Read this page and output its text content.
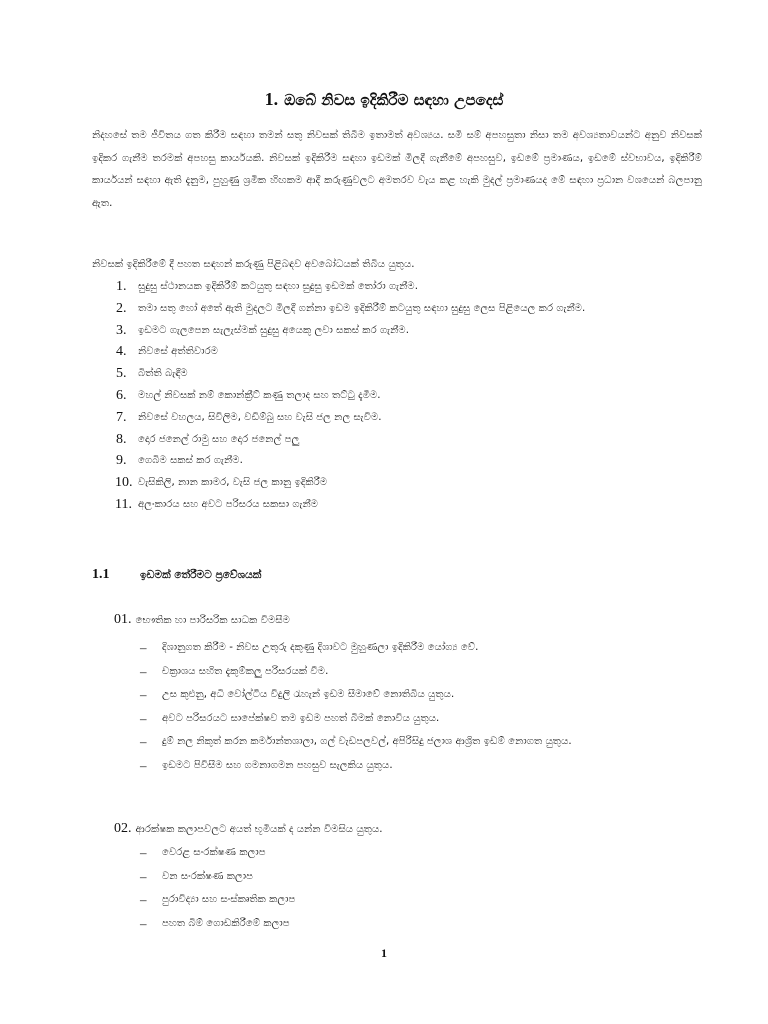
1. ඔබේ නිවස ඉදිකිරීම සඳහා උපදෙස්

නිදහසේ තම ජීවිතය ගත කිරීම සඳහා තමන් සතු නිවසක් තිබීම ඉතාමත් අවශ්‍යය. සමි සම් අපහසුතා නිසා තම අවශ්‍යතාවයන්ට අනුව නිවසක් ඉදිකර ගැනීම තරමක් අපහසු කාර්යයකි. නිවසක් ඉදිකිරීම සඳහා ඉඩමක් මිලදී ගැනීමේ අපහසුව, ඉඩමේ ප්‍රමාණය, ඉඩමේ ස්වභාවය, ඉදිකිරීම් කාර්යයන් සඳහා ඇති දැනුම, පුහුණු ශ්‍රමික හිඟකම ආදී කරුණුවලට අමතරව වැය කළ හැකි මුදල් ප්‍රමාණයද මේ සඳහා ප්‍රධාන වශයෙන් බලපානු ඇත.

නිවසක් ඉදිකිරීමේ දී පහත සඳහන් කරුණු පිළිබඳව අවබෝධයක් තිබිය යුතුය.

1. සුදුසු ස්ථානයක ඉදිකිරීම් කටයුතු සඳහා සුදුසු ඉඩමක් තෝරා ගැනීම.
2. තමා සතු හෝ අතේ ඇති මුදලට මිලදී ගන්නා ඉඩම ඉදිකිරීම් කටයුතු සඳහා සුදුසු ලෙස පිළියෙල කර ගැනීම.
3. ඉඩමට ගැලපෙන සැලැස්මක් සුදුසු අයෙකු ලවා සකස් කර ගැනීම.
4. නිවසේ අත්තිවාරම
5. බිත්ති බැඳීම
6. මහල් නිවසක් නම් කොන්ක්‍රීට් කණු තලාද සහ තට්ටු දැමීම.
7. නිවසේ වහලය, සිවිලිම, වඩිම්බු සහ වැසි ජල නල සැවිම.
8. දොර ජනෙල් රාමු සහ දොර ජනෙල් පලු
9. ගෙබිම සකස් කර ගැනීම.
10. වැසිකිලි, නාන කාමර, වැසි ජල කානු ඉදිකිරීම
11. අලංකාරය සහ අවට පරිසරය සකසා ගැනීම
1.1	ඉඩමක් තේරීමට ප්‍රවේශයක්
01. භෞතික හා පාරිසරික සාධක විමසීම
– දිශානුගත කිරීම - නිවස උතුරු දකුණු දිශාවට මුහුණලා ඉදිකිරීම යෝග්‍ය වේ.
– චක්‍රාශය සහිත දැකුම්කලු පරිසරයක් වීම.
– උස කුළුනු, අධි වෝල්ටීය විදුලි රැහැන් ඉඩම සීමාවේ නොතිබිය යුතුය.
– අවට පරිසරයට සාපේක්ෂව තම ඉඩම පහත් බිමක් නොවිය යුතුය.
– දුම් නල නිකුත් කරන කර්මාන්තශාලා, ගල් වැඩපලවල්, අපිරිසිදු ජලාශ ආශ්‍රිත ඉඩම් නොගත යුතුය.
– ඉඩමට පිවිසීම සහ ගමනාගමන පහසුව සැලකිය යුතුය.
02. ආරක්ෂක කලාපවලට අයත් භූමියක් ද යන්න විමසිය යුතුය.
– වෙරළ සංරක්ෂණ කලාප
– වන සංරක්ෂණ කලාප
– පුරාවිද්‍යා සහ සංස්කෘතික කලාප
– පහත බිම් ගොඩකිරීමේ කලාප
1
